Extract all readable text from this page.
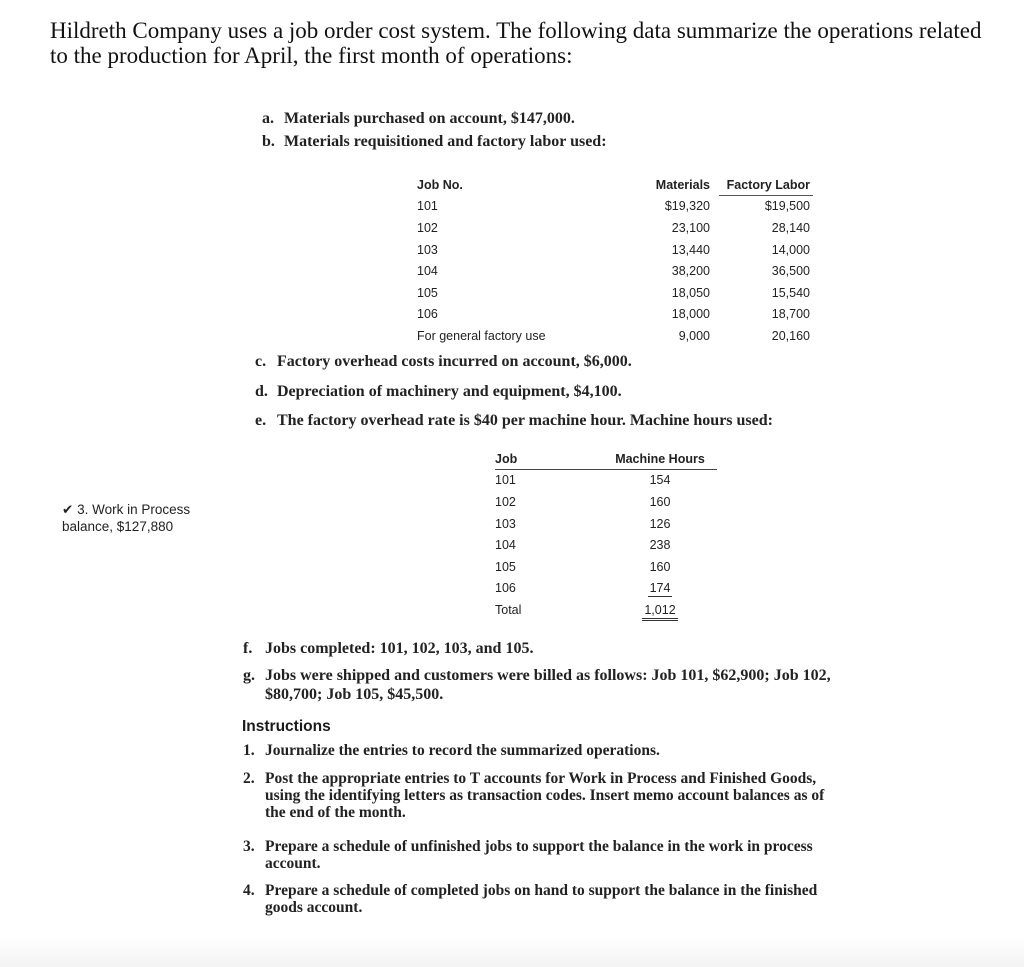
Hildreth Company uses a job order cost system. The following data summarize the operations related to the production for April, the first month of operations:
a. Materials purchased on account, $147,000.
b. Materials requisitioned and factory labor used:
Job No.	Materials	Factory Labor
101	$19,320	$19,500
102	23,100	28,140
103	13,440	14,000
104	38,200	36,500
105	18,050	15,540
106	18,000	18,700
For general factory use	9,000	20,160
c. Factory overhead costs incurred on account, $6,000.
d. Depreciation of machinery and equipment, $4,100.
e. The factory overhead rate is $40 per machine hour. Machine hours used:
✔ 3. Work in Process
balance, $127,880
Job	Machine Hours
101	154
102	160
103	126
104	238
105	160
106	174
Total	1,012
f. Jobs completed: 101, 102, 103, and 105.
g. Jobs were shipped and customers were billed as follows: Job 101, $62,900; Job 102,
$80,700; Job 105, $45,500.
Instructions
1. Journalize the entries to record the summarized operations.
2. Post the appropriate entries to T accounts for Work in Process and Finished Goods,
using the identifying letters as transaction codes. Insert memo account balances as of
the end of the month.
3. Prepare a schedule of unfinished jobs to support the balance in the work in process
account.
4. Prepare a schedule of completed jobs on hand to support the balance in the finished
goods account.
